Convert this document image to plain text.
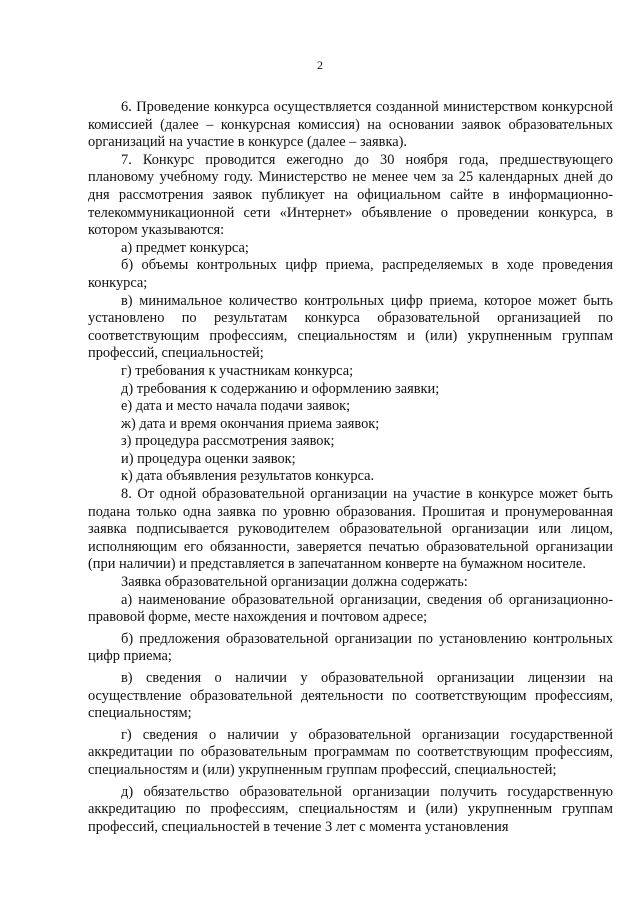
2

6. Проведение конкурса осуществляется созданной министерством конкурсной комиссией (далее – конкурсная комиссия) на основании заявок образовательных организаций на участие в конкурсе (далее – заявка).

7. Конкурс проводится ежегодно до 30 ноября года, предшествующего плановому учебному году. Министерство не менее чем за 25 календарных дней до дня рассмотрения заявок публикует на официальном сайте в информационно-телекоммуникационной сети «Интернет» объявление о проведении конкурса, в котором указываются:

а) предмет конкурса;

б) объемы контрольных цифр приема, распределяемых в ходе проведения конкурса;

в) минимальное количество контрольных цифр приема, которое может быть установлено по результатам конкурса образовательной организацией по соответствующим профессиям, специальностям и (или) укрупненным группам профессий, специальностей;

г) требования к участникам конкурса;

д) требования к содержанию и оформлению заявки;

е) дата и место начала подачи заявок;

ж) дата и время окончания приема заявок;

з) процедура рассмотрения заявок;

и) процедура оценки заявок;

к) дата объявления результатов конкурса.

8. От одной образовательной организации на участие в конкурсе может быть подана только одна заявка по уровню образования. Прошитая и пронумерованная заявка подписывается руководителем образовательной организации или лицом, исполняющим его обязанности, заверяется печатью образовательной организации (при наличии) и представляется в запечатанном конверте на бумажном носителе.

Заявка образовательной организации должна содержать:

а) наименование образовательной организации, сведения об организационно-правовой форме, месте нахождения и почтовом адресе;

б) предложения образовательной организации по установлению контрольных цифр приема;

в) сведения о наличии у образовательной организации лицензии на осуществление образовательной деятельности по соответствующим профессиям, специальностям;

г) сведения о наличии у образовательной организации государственной аккредитации по образовательным программам по соответствующим профессиям, специальностям и (или) укрупненным группам профессий, специальностей;

д) обязательство образовательной организации получить государственную аккредитацию по профессиям, специальностям и (или) укрупненным группам профессий, специальностей в течение 3 лет с момента установления
